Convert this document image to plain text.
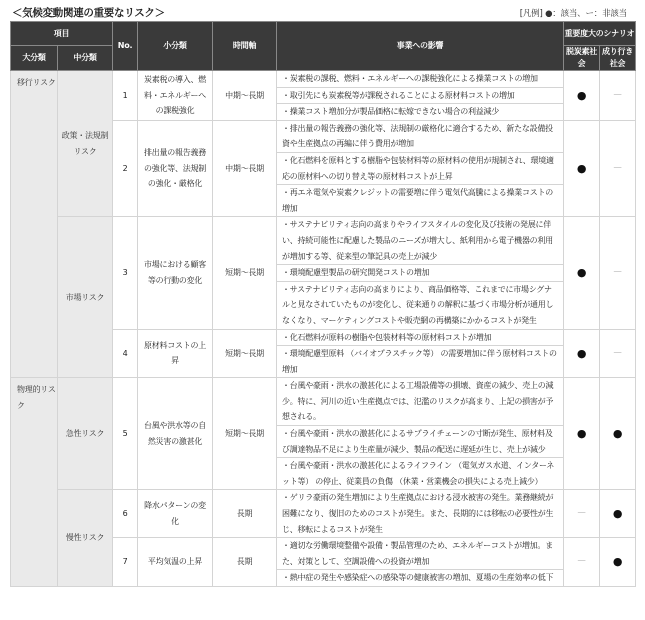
＜気候変動関連の重要なリスク＞	[凡例] ●：該当、ー：非該当
項目		No.	小分類	時間軸	事業への影響	重要度大のシナリオ	
大分類	中分類					脱炭素社会	成り行き社会
移行リスク	政策・法規制リスク	1	炭素税の導入、燃料・エネルギーへの課税強化	中期～長期	・炭素税の課税、燃料・エネルギーへの課税強化による操業コストの増加	●	－
					・取引先にも炭素税等が課税されることによる原材料コストの増加		
					・操業コスト増加分が製品価格に転嫁できない場合の利益減少		
		2	排出量の報告義務の強化等、法規制の強化・厳格化	中期～長期	・排出量の報告義務の強化等、法規制の厳格化に適合するため、新たな設備投資や生産拠点の再編に伴う費用が増加	●	－
					・化石燃料を原料とする樹脂や包装材料等の原材料の使用が規制され、環境適応の原材料への切り替え等の原材料コストが上昇		
					・再エネ電気や炭素クレジットの需要増に伴う電気代高騰による操業コストの増加		
	市場リスク	3	市場における顧客等の行動の変化	短期～長期	・サステナビリティ志向の高まりやライフスタイルの変化及び技術の発展に伴い、持続可能性に配慮した製品のニーズが増大し、紙利用から電子機器の利用が増加する等、従来型の筆記具の売上が減少	●	－
					・環境配慮型製品の研究開発コストの増加		
					・サステナビリティ志向の高まりにより、商品価格等、これまでに市場シグナルと見なされていたものが変化し、従来通りの解釈に基づく市場分析が通用しなくなり、マーケティングコストや販売網の再構築にかかるコストが発生		
		4	原材料コストの上昇	短期～長期	・化石燃料が原料の樹脂や包装材料等の原材料コストが増加	●	－
					・環境配慮型原料 （バイオプラスチック等） の需要増加に伴う原材料コストの増加		
物理的リスク	急性リスク	5	台風や洪水等の自然災害の激甚化	短期～長期	・台風や豪雨・洪水の激甚化による工場設備等の損壊、資産の減少、売上の減少。特に、河川の近い生産拠点では、氾濫のリスクが高まり、上記の損害が予想される。	●	●
					・台風や豪雨・洪水の激甚化によるサプライチェーンの寸断が発生、原材料及び調達物品不足により生産量が減少、製品の配送に遅延が生じ、売上が減少		
					・台風や豪雨・洪水の激甚化によるライフライン （電気ガス水道、インターネット等） の停止、従業員の負傷 （休業・営業機会の損失による売上減少）		
	慢性リスク	6	降水パターンの変化	長期	・ゲリラ豪雨の発生増加により生産拠点における浸水被害の発生。業務継続が困難になり、復旧のためのコストが発生。また、長期的には移転の必要性が生じ、移転によるコストが発生	－	●
		7	平均気温の上昇	長期	・適切な労働環境整備や設備・製品管理のため、エネルギーコストが増加。また、対策として、空調設備への投資が増加	－	●
					・熱中症の発生や感染症への感染等の健康被害の増加、夏場の生産効率の低下		
